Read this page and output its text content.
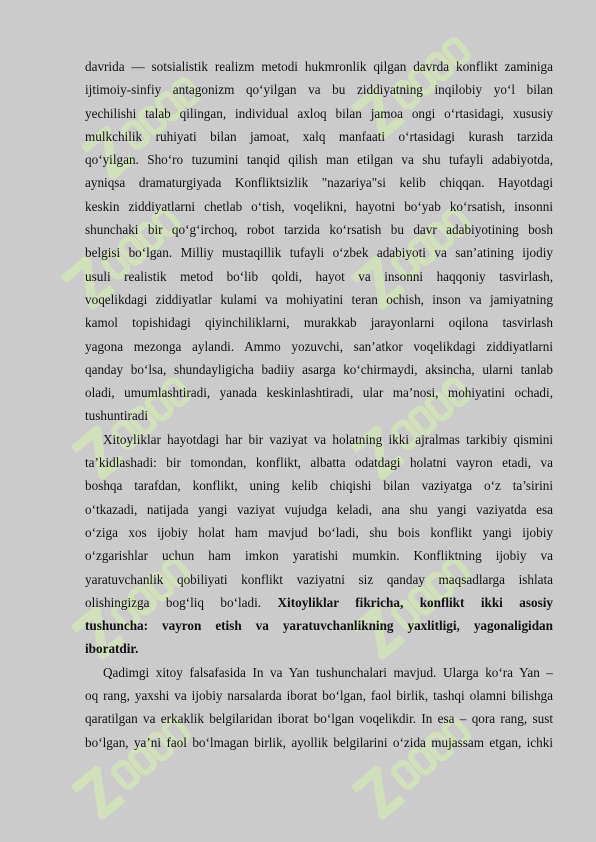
davrida — sotsialistik realizm metodi hukmronlik qilgan davrda konflikt zaminiga
ijtimoiy-sinfiy antagonizm qo‘yilgan va bu ziddiyatning inqilobiy yo‘l bilan
yechilishi talab qilingan, individual axloq bilan jamoa ongi o‘rtasidagi, xususiy
mulkchilik ruhiyati bilan jamoat, xalq manfaati o‘rtasidagi kurash tarzida
qo‘yilgan. Sho‘ro tuzumini tanqid qilish man etilgan va shu tufayli adabiyotda,
ayniqsa dramaturgiyada Konfliktsizlik "nazariya"si kelib chiqqan. Hayotdagi
keskin ziddiyatlarni chetlab o‘tish, voqelikni, hayotni bo‘yab ko‘rsatish, insonni
shunchaki bir qo‘g‘irchoq, robot tarzida ko‘rsatish bu davr adabiyotining bosh
belgisi bo‘lgan. Milliy mustaqillik tufayli o‘zbek adabiyoti va san’atining ijodiy
usuli realistik metod bo‘lib qoldi, hayot va insonni haqqoniy tasvirlash,
voqelikdagi ziddiyatlar kulami va mohiyatini teran ochish, inson va jamiyatning
kamol topishidagi qiyinchiliklarni, murakkab jarayonlarni oqilona tasvirlash
yagona mezonga aylandi. Ammo yozuvchi, san’atkor voqelikdagi ziddiyatlarni
qanday bo‘lsa, shundayligicha badiiy asarga ko‘chirmaydi, aksincha, ularni tanlab
oladi, umumlashtiradi, yanada keskinlashtiradi, ular ma’nosi, mohiyatini ochadi,
tushuntiradi
Xitoyliklar hayotdagi har bir vaziyat va holatning ikki ajralmas tarkibiy qismini
ta’kidlashadi: bir tomondan, konflikt, albatta odatdagi holatni vayron etadi, va
boshqa tarafdan, konflikt, uning kelib chiqishi bilan vaziyatga o‘z ta’sirini
o‘tkazadi, natijada yangi vaziyat vujudga keladi, ana shu yangi vaziyatda esa
o‘ziga xos ijobiy holat ham mavjud bo‘ladi, shu bois konflikt yangi ijobiy
o‘zgarishlar uchun ham imkon yaratishi mumkin. Konfliktning ijobiy va
yaratuvchanlik qobiliyati konflikt vaziyatni siz qanday maqsadlarga ishlata
olishingizga bog‘liq bo‘ladi. Xitoyliklar fikricha, konflikt ikki asosiy
tushuncha: vayron etish va yaratuvchanlikning yaxlitligi, yagonaligidan
iboratdir.
Qadimgi xitoy falsafasida In va Yan tushunchalari mavjud. Ularga ko‘ra Yan –
oq rang, yaxshi va ijobiy narsalarda iborat bo‘lgan, faol birlik, tashqi olamni bilishga
qaratilgan va erkaklik belgilaridan iborat bo‘lgan voqelikdir. In esa – qora rang, sust
bo‘lgan, ya’ni faol bo‘lmagan birlik, ayollik belgilarini o‘zida mujassam etgan, ichki
